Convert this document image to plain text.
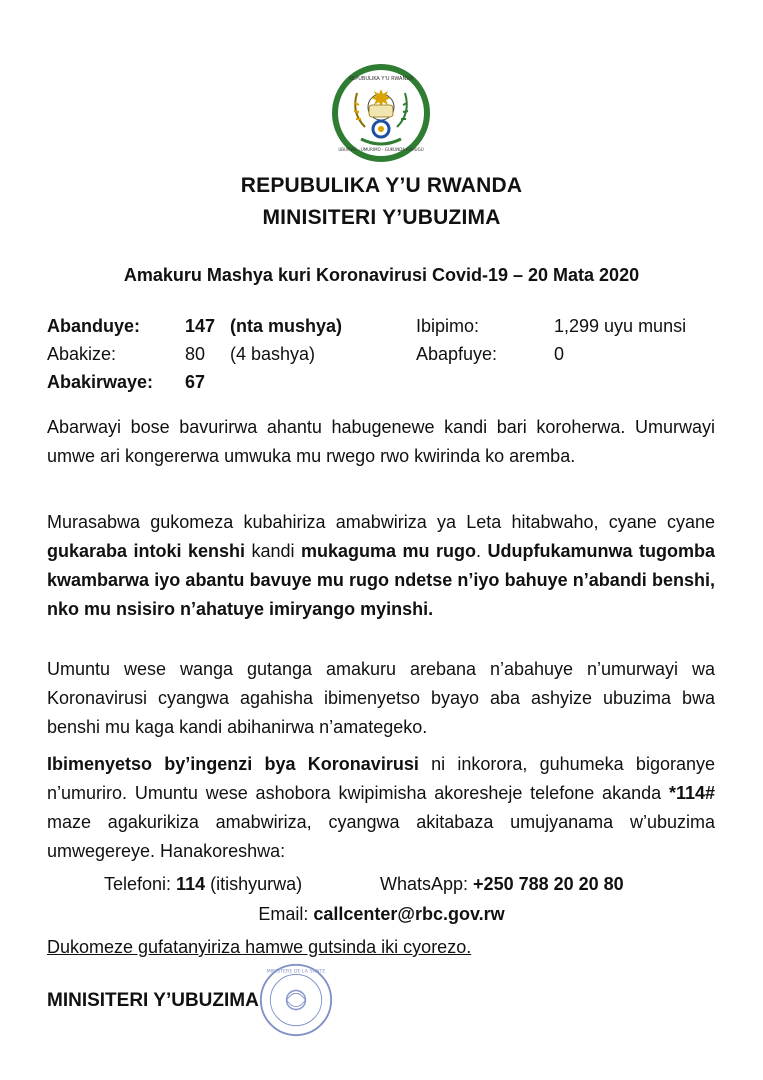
REPUBULIKA Y'U RWANDA
UBUMWE - UMURIMO - GUKUNDA IGIHUGU
REPUBULIKA Y’U RWANDA
MINISITERI Y’UBUZIMA
Amakuru Mashya kuri Koronavirusi Covid-19 – 20 Mata 2020
Abanduye: 147 (nta mushya)	Ibipimo:	1,299 uyu munsi
Abakize:	80 (4 bashya)	Abapfuye:	0
Abakirwaye: 67
Abarwayi bose bavurirwa ahantu habugenewe kandi bari koroherwa. Umurwayi umwe ari kongererwa umwuka mu rwego rwo kwirinda ko aremba.
Murasabwa gukomeza kubahiriza amabwiriza ya Leta hitabwaho, cyane cyane gukaraba intoki kenshi kandi mukaguma mu rugo. Udupfukamunwa tugomba kwambarwa iyo abantu bavuye mu rugo ndetse n’iyo bahuye n’abandi benshi, nko mu nsisiro n’ahatuye imiryango myinshi.
Umuntu wese wanga gutanga amakuru arebana n’abahuye n’umurwayi wa Koronavirusi cyangwa agahisha ibimenyetso byayo aba ashyize ubuzima bwa benshi mu kaga kandi abihanirwa n’amategeko.
Ibimenyetso by’ingenzi bya Koronavirusi ni inkorora, guhumeka bigoranye n’umuriro. Umuntu wese ashobora kwipimisha akoresheje telefone akanda *114# maze agakurikiza amabwiriza, cyangwa akitabaza umujyanama w’ubuzima umwegereye. Hanakoreshwa:
Telefoni: 114 (itishyurwa)	WhatsApp: +250 788 20 20 80
Email: callcenter@rbc.gov.rw
Dukomeze gufatanyiriza hamwe gutsinda iki cyorezo.
MINISITERI Y’UBUZIMA
MINISTERE DE LA SANTE
